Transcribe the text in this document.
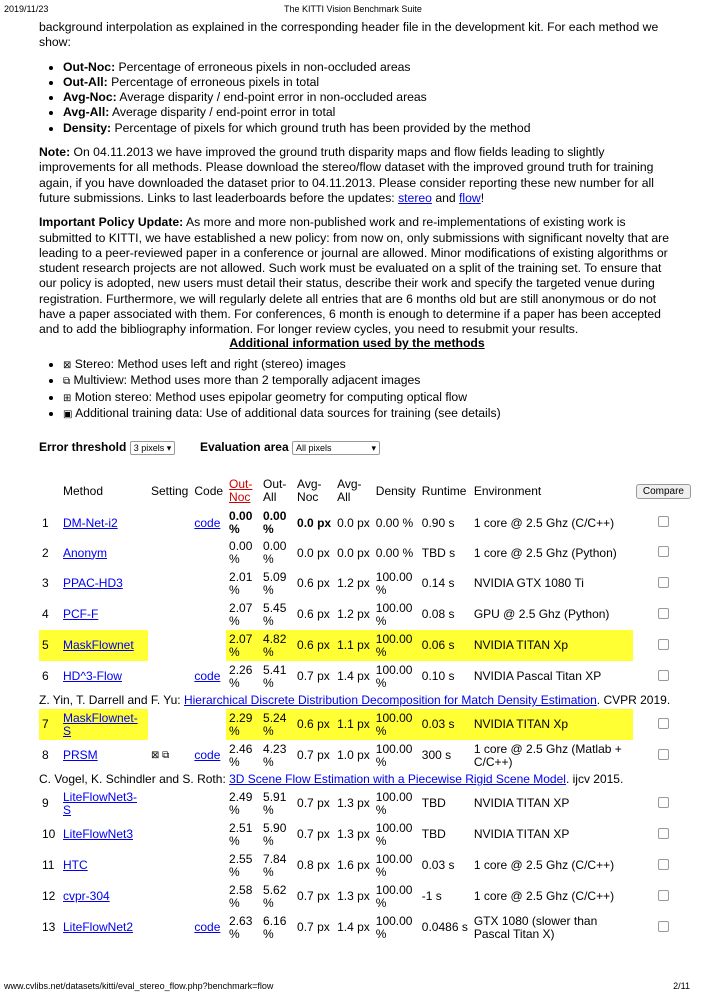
2019/11/23	The KITTI Vision Benchmark Suite

background interpolation as explained in the corresponding header file in the development kit. For each method we show:

• Out-Noc: Percentage of erroneous pixels in non-occluded areas
• Out-All: Percentage of erroneous pixels in total
• Avg-Noc: Average disparity / end-point error in non-occluded areas
• Avg-All: Average disparity / end-point error in total
• Density: Percentage of pixels for which ground truth has been provided by the method

Note: On 04.11.2013 we have improved the ground truth disparity maps and flow fields leading to slightly improvements for all methods. Please download the stereo/flow dataset with the improved ground truth for training again, if you have downloaded the dataset prior to 04.11.2013. Please consider reporting these new number for all future submissions. Links to last leaderboards before the updates: stereo and flow!

Important Policy Update: As more and more non-published work and re-implementations of existing work is submitted to KITTI, we have established a new policy: from now on, only submissions with significant novelty that are leading to a peer-reviewed paper in a conference or journal are allowed. Minor modifications of existing algorithms or student research projects are not allowed. Such work must be evaluated on a split of the training set. To ensure that our policy is adopted, new users must detail their status, describe their work and specify the targeted venue during registration. Furthermore, we will regularly delete all entries that are 6 months old but are still anonymous or do not have a paper associated with them. For conferences, 6 month is enough to determine if a paper has been accepted and to add the bibliography information. For longer review cycles, you need to resubmit your results.

Additional information used by the methods
• ⊠ Stereo: Method uses left and right (stereo) images
• ⧉ Multiview: Method uses more than 2 temporally adjacent images
• ⊞ Motion stereo: Method uses epipolar geometry for computing optical flow
• ▣ Additional training data: Use of additional data sources for training (see details)
Error threshold 3 pixels ▾ Evaluation area All pixels	▾
	Method	Setting	Code	Out-Noc	Out-All	Avg-Noc	Avg-All	Density	Runtime	Environment	Compare
1	DM-Net-i2		code	0.00 %	0.00 %	0.0 px	0.0 px	0.00 %	0.90 s	1 core @ 2.5 Ghz (C/C++)	
2	Anonym			0.00 %	0.00 %	0.0 px	0.0 px	0.00 %	TBD s	1 core @ 2.5 Ghz (Python)	
3	PPAC-HD3			2.01 %	5.09 %	0.6 px	1.2 px	100.00 %	0.14 s	NVIDIA GTX 1080 Ti	
4	PCF-F			2.07 %	5.45 %	0.6 px	1.2 px	100.00 %	0.08 s	GPU @ 2.5 Ghz (Python)	
5	MaskFlownet			2.07 %	4.82 %	0.6 px	1.1 px	100.00 %	0.06 s	NVIDIA TITAN Xp	
6	HD^3-Flow		code	2.26 %	5.41 %	0.7 px	1.4 px	100.00 %	0.10 s	NVIDIA Pascal Titan XP	
Z. Yin, T. Darrell and F. Yu: Hierarchical Discrete Distribution Decomposition for Match Density Estimation. CVPR 2019.											
7	MaskFlownet-S			2.29 %	5.24 %	0.6 px	1.1 px	100.00 %	0.03 s	NVIDIA TITAN Xp	
8	PRSM	⊠ ⧉	code	2.46 %	4.23 %	0.7 px	1.0 px	100.00 %	300 s	1 core @ 2.5 Ghz (Matlab + C/C++)	
C. Vogel, K. Schindler and S. Roth: 3D Scene Flow Estimation with a Piecewise Rigid Scene Model. ijcv 2015.											
9	LiteFlowNet3-S			2.49 %	5.91 %	0.7 px	1.3 px	100.00 %	TBD	NVIDIA TITAN XP	
10	LiteFlowNet3			2.51 %	5.90 %	0.7 px	1.3 px	100.00 %	TBD	NVIDIA TITAN XP	
11	HTC			2.55 %	7.84 %	0.8 px	1.6 px	100.00 %	0.03 s	1 core @ 2.5 Ghz (C/C++)	
12	cvpr-304			2.58 %	5.62 %	0.7 px	1.3 px	100.00 %	-1 s	1 core @ 2.5 Ghz (C/C++)	
13	LiteFlowNet2		code	2.63 %	6.16 %	0.7 px	1.4 px	100.00 %	0.0486 s	GTX 1080 (slower than Pascal Titan X)	
www.cvlibs.net/datasets/kitti/eval_stereo_flow.php?benchmark=flow	2/11
